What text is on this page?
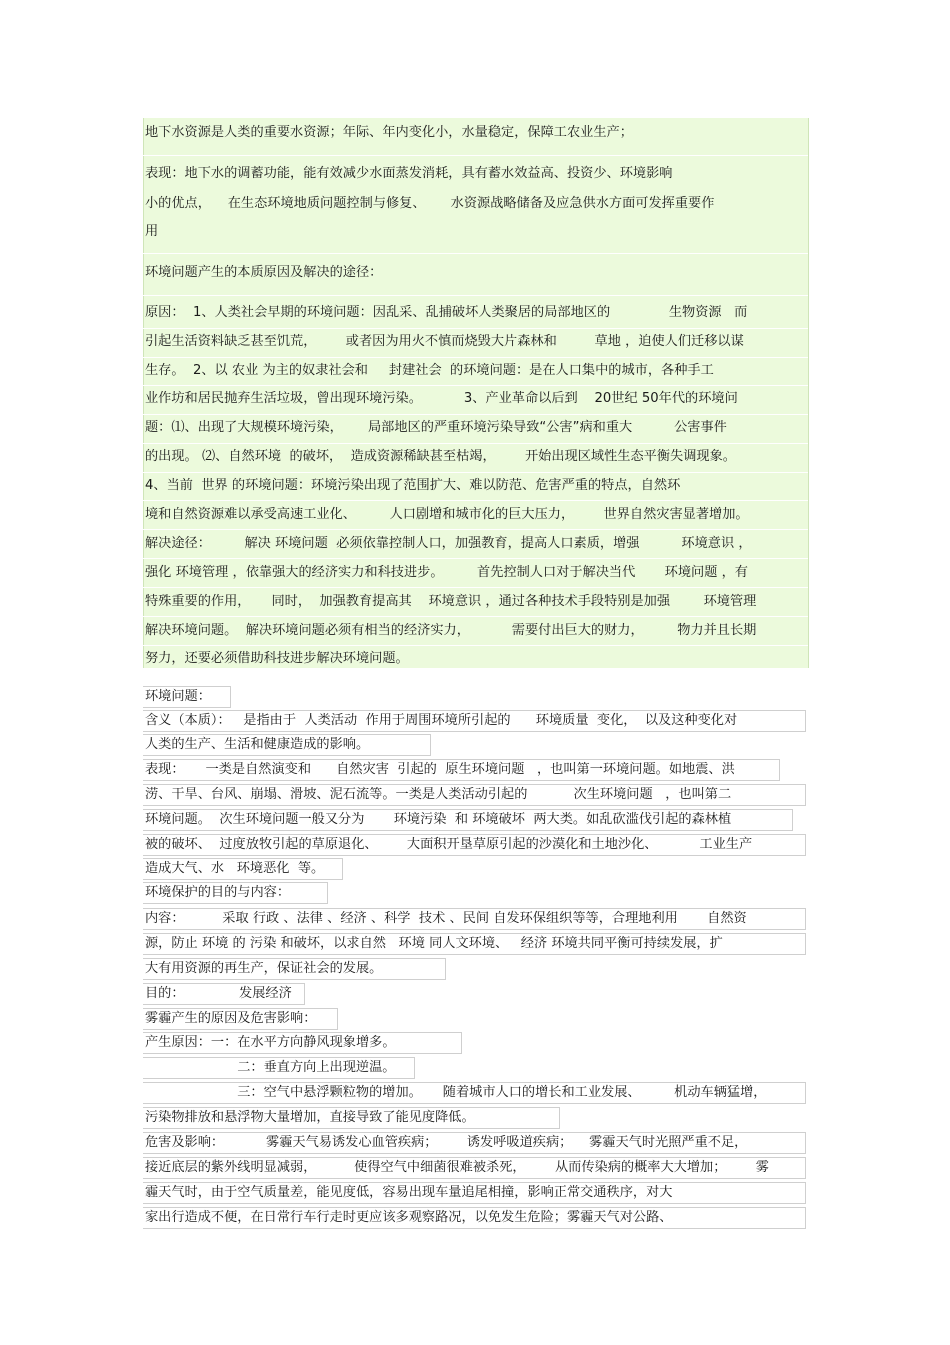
地下水资源是人类的重要水资源；年际、年内变化小，水量稳定，保障工农业生产；
表现：地下水的调蓄功能，能有效减少水面蒸发消耗，具有蓄水效益高、投资少、环境影响
小的优点，    在生态环境地质问题控制与修复、      水资源战略储备及应急供水方面可发挥重要作
用
环境问题产生的本质原因及解决的途径：
原因：  1、人类社会早期的环境问题：因乱采、乱捕破坏人类聚居的局部地区的              生物资源   而
引起生活资料缺乏甚至饥荒，       或者因为用火不慎而烧毁大片森林和         草地 ，迫使人们迁移以谋
生存。  2、以 农业 为主的奴隶社会和     封建社会  的环境问题：是在人口集中的城市，各种手工
业作坊和居民抛弃生活垃圾，曾出现环境污染。          3、产业革命以后到    20世纪 50年代的环境问
题：⑴、出现了大规模环境污染，      局部地区的严重环境污染导致“公害”病和重大          公害事件
的出现。 ⑵、自然环境  的破坏，  造成资源稀缺甚至枯竭，       开始出现区域性生态平衡失调现象。
4、当前  世界 的环境问题：环境污染出现了范围扩大、难以防范、危害严重的特点，自然环
境和自然资源难以承受高速工业化、        人口剧增和城市化的巨大压力，       世界自然灾害显著增加。
解决途径：        解决 环境问题  必须依靠控制人口，加强教育，提高人口素质，增强          环境意识 ，
强化 环境管理 ，依靠强大的经济实力和科技进步。        首先控制人口对于解决当代       环境问题 ，有
特殊重要的作用，     同时，  加强教育提高其    环境意识 ，通过各种技术手段特别是加强        环境管理
解决环境问题。  解决环境问题必须有相当的经济实力，          需要付出巨大的财力，        物力并且长期
努力，还要必须借助科技进步解决环境问题。
环境问题：
含义（本质）：   是指由于  人类活动  作用于周围环境所引起的      环境质量  变化，  以及这种变化对
人类的生产、生活和健康造成的影响。
表现：     一类是自然演变和      自然灾害  引起的  原生环境问题   ，也叫第一环境问题。如地震、洪
涝、干旱、台风、崩塌、滑坡、泥石流等。一类是人类活动引起的           次生环境问题   ，也叫第二
环境问题。  次生环境问题一般又分为       环境污染  和 环境破坏  两大类。如乱砍滥伐引起的森林植
被的破坏、  过度放牧引起的草原退化、       大面积开垦草原引起的沙漠化和土地沙化、          工业生产
造成大气、水   环境恶化  等。
环境保护的目的与内容：
内容：         采取 行政 、法律 、经济 、科学  技术 、民间 自发环保组织等等，合理地利用       自然资
源，防止 环境 的 污染 和破坏，以求自然   环境 同人文环境、   经济 环境共同平衡可持续发展，扩
大有用资源的再生产，保证社会的发展。
目的：             发展经济
雾霾产生的原因及危害影响：
产生原因：一：在水平方向静风现象增多。
二：垂直方向上出现逆温。
三：空气中悬浮颗粒物的增加。     随着城市人口的增长和工业发展、        机动车辆猛增，
污染物排放和悬浮物大量增加，直接导致了能见度降低。
危害及影响：          雾霾天气易诱发心血管疾病；       诱发呼吸道疾病；    雾霾天气时光照严重不足，
接近底层的紫外线明显减弱，         使得空气中细菌很难被杀死，       从而传染病的概率大大增加；       雾
霾天气时，由于空气质量差，能见度低，容易出现车量追尾相撞，影响正常交通秩序，对大
家出行造成不便，在日常行车行走时更应该多观察路况，以免发生危险；雾霾天气对公路、
